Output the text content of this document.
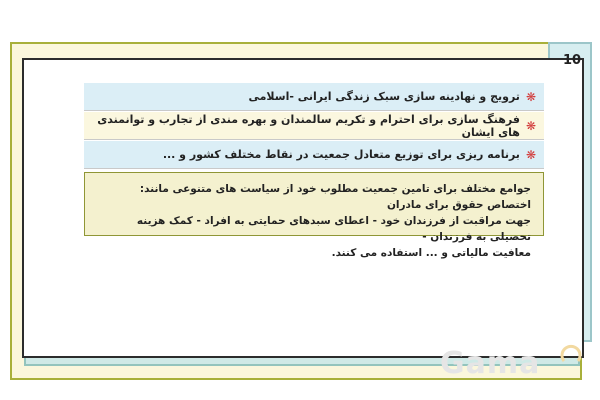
10
❋
ترویج و نهادینه سازی سبک زندگی ایرانی -اسلامی
❋
فرهنگ سازی برای احترام و تکریم سالمندان و بهره مندی از تجارب و توانمندی های ایشان
❋
برنامه ریزی برای توزیع متعادل جمعیت در نقاط مختلف کشور و ...
جوامع مختلف برای تامین جمعیت مطلوب خود از سیاست های متنوعی مانند: اختصاص حقوق برای مادران
جهت مراقبت از فرزندان خود - اعطای سبدهای حمایتی به افراد - کمک هزینه تحصیلی به فرزندان -
معافیت مالیاتی و ... استفاده می کنند.
Gama
